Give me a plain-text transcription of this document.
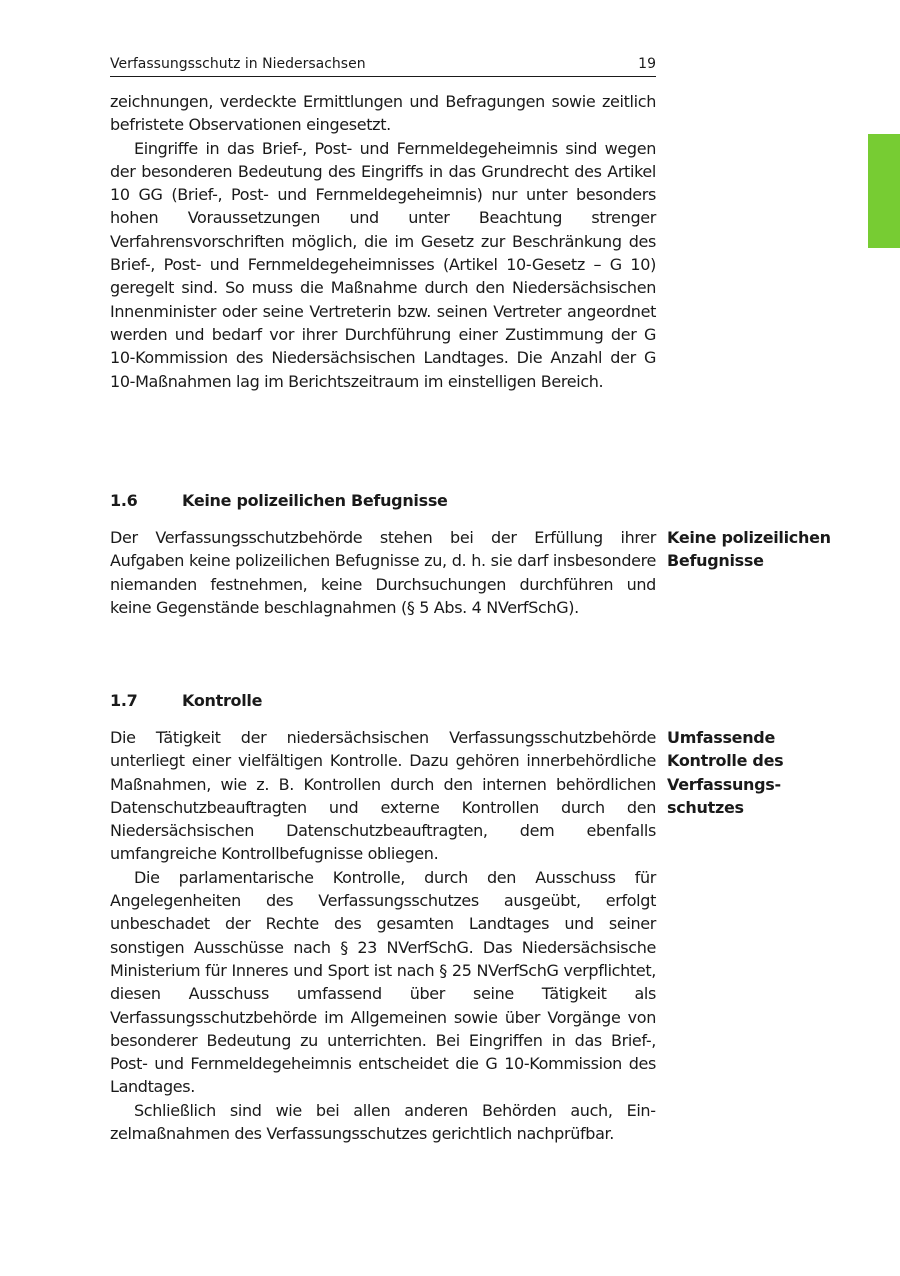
Verfassungsschutz in Niedersachsen	19

zeichnungen, verdeckte Ermittlungen und Befragungen sowie zeitlich befristete Observationen eingesetzt.

Eingriffe in das Brief-, Post- und Fernmeldegeheimnis sind wegen der besonderen Bedeutung des Eingriffs in das Grundrecht des Artikel 10 GG (Brief-, Post- und Fernmeldegeheimnis) nur unter besonders hohen Voraussetzungen und unter Beachtung strenger Verfahrensvorschriften möglich, die im Gesetz zur Beschränkung des Brief-, Post- und Fernmeldegeheimnisses (Artikel 10-Gesetz – G 10) geregelt sind. So muss die Maßnahme durch den Niedersächsischen Innenminister oder seine Vertreterin bzw. seinen Vertreter angeordnet werden und bedarf vor ihrer Durchführung einer Zustimmung der G 10-Kommission des Niedersächsischen Landtages. Die Anzahl der G 10-Maßnahmen lag im Berichtszeitraum im einstelligen Bereich.

1.6	Keine polizeilichen Befugnisse

Der Verfassungsschutzbehörde stehen bei der Erfüllung ihrer Aufgaben keine polizeilichen Befugnisse zu, d. h. sie darf insbesondere niemanden festnehmen, keine Durchsuchungen durchführen und keine Gegenstände beschlagnahmen (§ 5 Abs. 4 NVerfSchG).

Keine polizeilichen
Befugnisse
1.7	Kontrolle

Die Tätigkeit der niedersächsischen Verfassungsschutzbehörde unterliegt einer vielfältigen Kontrolle. Dazu gehören innerbehördliche Maßnahmen, wie z. B. Kontrollen durch den internen behördlichen Datenschutzbeauftragten und externe Kontrollen durch den Niedersächsischen Datenschutzbeauftragten, dem ebenfalls umfangreiche Kontrollbefugnisse obliegen.

Die parlamentarische Kontrolle, durch den Ausschuss für Angelegenheiten des Verfassungsschutzes ausgeübt, erfolgt unbeschadet der Rechte des gesamten Landtages und seiner sonstigen Ausschüsse nach § 23 NVerfSchG. Das Niedersächsische Ministerium für Inneres und Sport ist nach § 25 NVerfSchG verpflichtet, diesen Ausschuss umfassend über seine Tätigkeit als Verfassungsschutzbehörde im Allgemeinen sowie über Vorgänge von besonderer Bedeutung zu unterrichten. Bei Eingriffen in das Brief-, Post- und Fernmeldegeheimnis entscheidet die G 10-Kommission des Landtages.

Schließlich sind wie bei allen anderen Behörden auch, Einzelmaßnahmen des Verfassungsschutzes gerichtlich nachprüfbar.

Umfassende
Kontrolle des
Verfassungs-
schutzes
